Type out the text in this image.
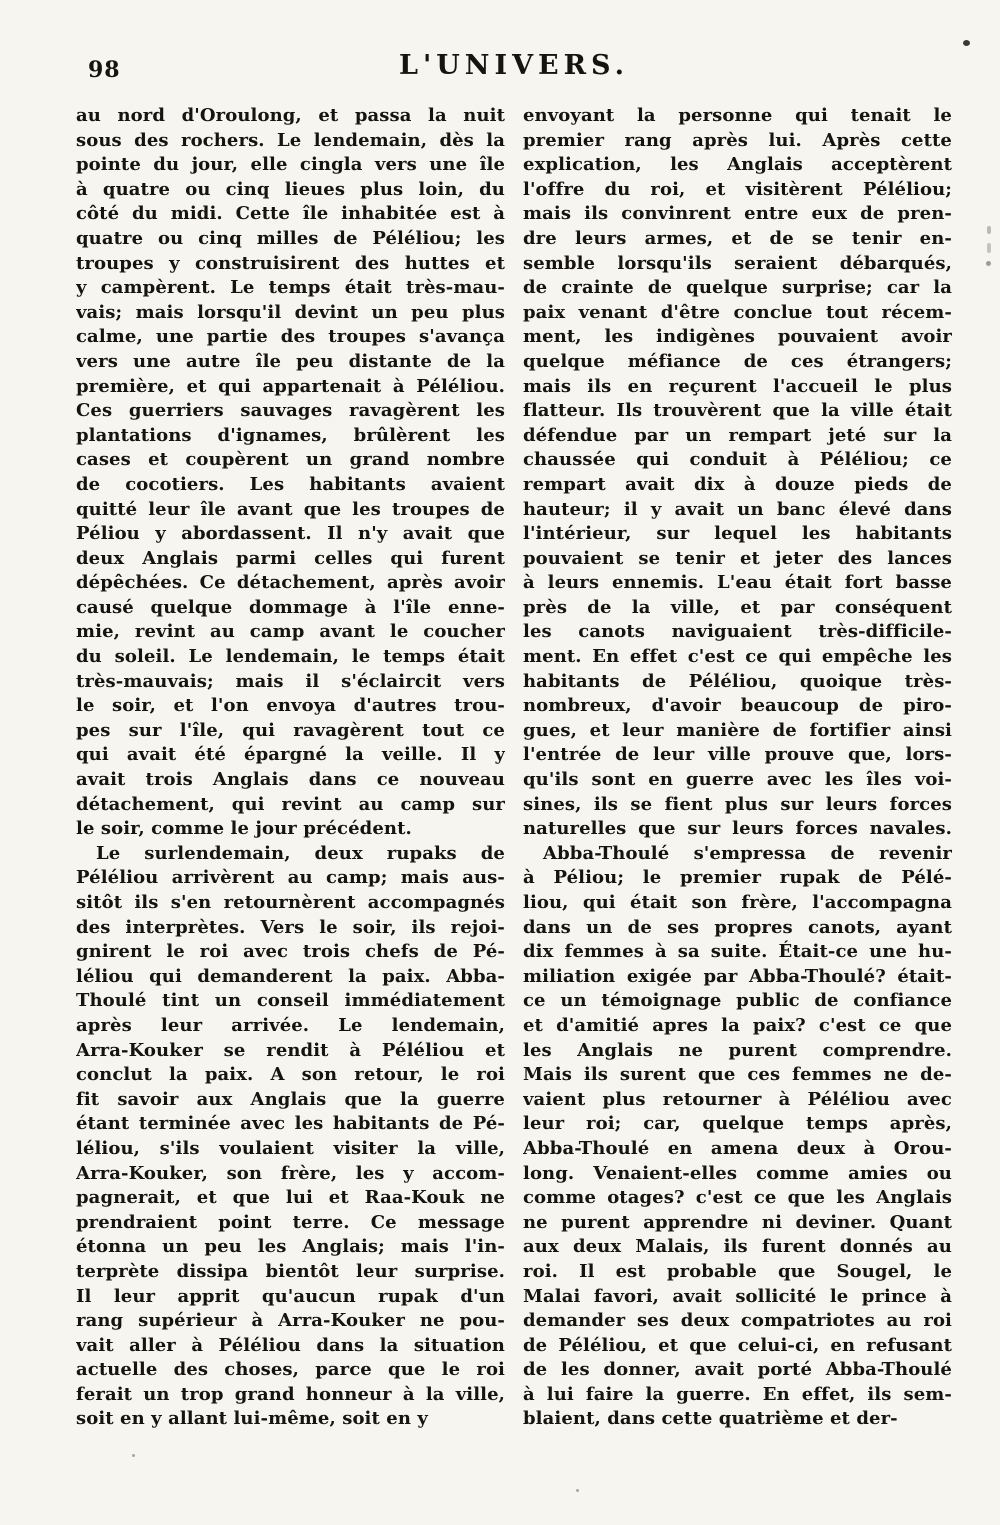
98	L'UNIVERS.
au nord d'Oroulong, et passa la nuit
sous des rochers. Le lendemain, dès la
pointe du jour, elle cingla vers une île
à quatre ou cinq lieues plus loin, du
côté du midi. Cette île inhabitée est à
quatre ou cinq milles de Péléliou; les
troupes y construisirent des huttes et
y campèrent. Le temps était très-mau-
vais; mais lorsqu'il devint un peu plus
calme, une partie des troupes s'avança
vers une autre île peu distante de la
première, et qui appartenait à Péléliou.
Ces guerriers sauvages ravagèrent les
plantations d'ignames, brûlèrent les
cases et coupèrent un grand nombre
de cocotiers. Les habitants avaient
quitté leur île avant que les troupes de
Péliou y abordassent. Il n'y avait que
deux Anglais parmi celles qui furent
dépêchées. Ce détachement, après avoir
causé quelque dommage à l'île enne-
mie, revint au camp avant le coucher
du soleil. Le lendemain, le temps était
très-mauvais; mais il s'éclaircit vers
le soir, et l'on envoya d'autres trou-
pes sur l'île, qui ravagèrent tout ce
qui avait été épargné la veille. Il y
avait trois Anglais dans ce nouveau
détachement, qui revint au camp sur
le soir, comme le jour précédent.
Le surlendemain, deux rupaks de
Péléliou arrivèrent au camp; mais aus-
sitôt ils s'en retournèrent accompagnés
des interprètes. Vers le soir, ils rejoi-
gnirent le roi avec trois chefs de Pé-
léliou qui demanderent la paix. Abba-
Thoulé tint un conseil immédiatement
après leur arrivée. Le lendemain,
Arra-Kouker se rendit à Péléliou et
conclut la paix. A son retour, le roi
fit savoir aux Anglais que la guerre
étant terminée avec les habitants de Pé-
léliou, s'ils voulaient visiter la ville,
Arra-Kouker, son frère, les y accom-
pagnerait, et que lui et Raa-Kouk ne
prendraient point terre. Ce message
étonna un peu les Anglais; mais l'in-
terprète dissipa bientôt leur surprise.
Il leur apprit qu'aucun rupak d'un
rang supérieur à Arra-Kouker ne pou-
vait aller à Péléliou dans la situation
actuelle des choses, parce que le roi
ferait un trop grand honneur à la ville,
soit en y allant lui-même, soit en y
envoyant la personne qui tenait le
premier rang après lui. Après cette
explication, les Anglais acceptèrent
l'offre du roi, et visitèrent Péléliou;
mais ils convinrent entre eux de pren-
dre leurs armes, et de se tenir en-
semble lorsqu'ils seraient débarqués,
de crainte de quelque surprise; car la
paix venant d'être conclue tout récem-
ment, les indigènes pouvaient avoir
quelque méfiance de ces étrangers;
mais ils en reçurent l'accueil le plus
flatteur. Ils trouvèrent que la ville était
défendue par un rempart jeté sur la
chaussée qui conduit à Péléliou; ce
rempart avait dix à douze pieds de
hauteur; il y avait un banc élevé dans
l'intérieur, sur lequel les habitants
pouvaient se tenir et jeter des lances
à leurs ennemis. L'eau était fort basse
près de la ville, et par conséquent
les canots naviguaient très-difficile-
ment. En effet c'est ce qui empêche les
habitants de Péléliou, quoique très-
nombreux, d'avoir beaucoup de piro-
gues, et leur manière de fortifier ainsi
l'entrée de leur ville prouve que, lors-
qu'ils sont en guerre avec les îles voi-
sines, ils se fient plus sur leurs forces
naturelles que sur leurs forces navales.
Abba-Thoulé s'empressa de revenir
à Péliou; le premier rupak de Pélé-
liou, qui était son frère, l'accompagna
dans un de ses propres canots, ayant
dix femmes à sa suite. Était-ce une hu-
miliation exigée par Abba-Thoulé? était-
ce un témoignage public de confiance
et d'amitié apres la paix? c'est ce que
les Anglais ne purent comprendre.
Mais ils surent que ces femmes ne de-
vaient plus retourner à Péléliou avec
leur roi; car, quelque temps après,
Abba-Thoulé en amena deux à Orou-
long. Venaient-elles comme amies ou
comme otages? c'est ce que les Anglais
ne purent apprendre ni deviner. Quant
aux deux Malais, ils furent donnés au
roi. Il est probable que Sougel, le
Malai favori, avait sollicité le prince à
demander ses deux compatriotes au roi
de Péléliou, et que celui-ci, en refusant
de les donner, avait porté Abba-Thoulé
à lui faire la guerre. En effet, ils sem-
blaient, dans cette quatrième et der-
